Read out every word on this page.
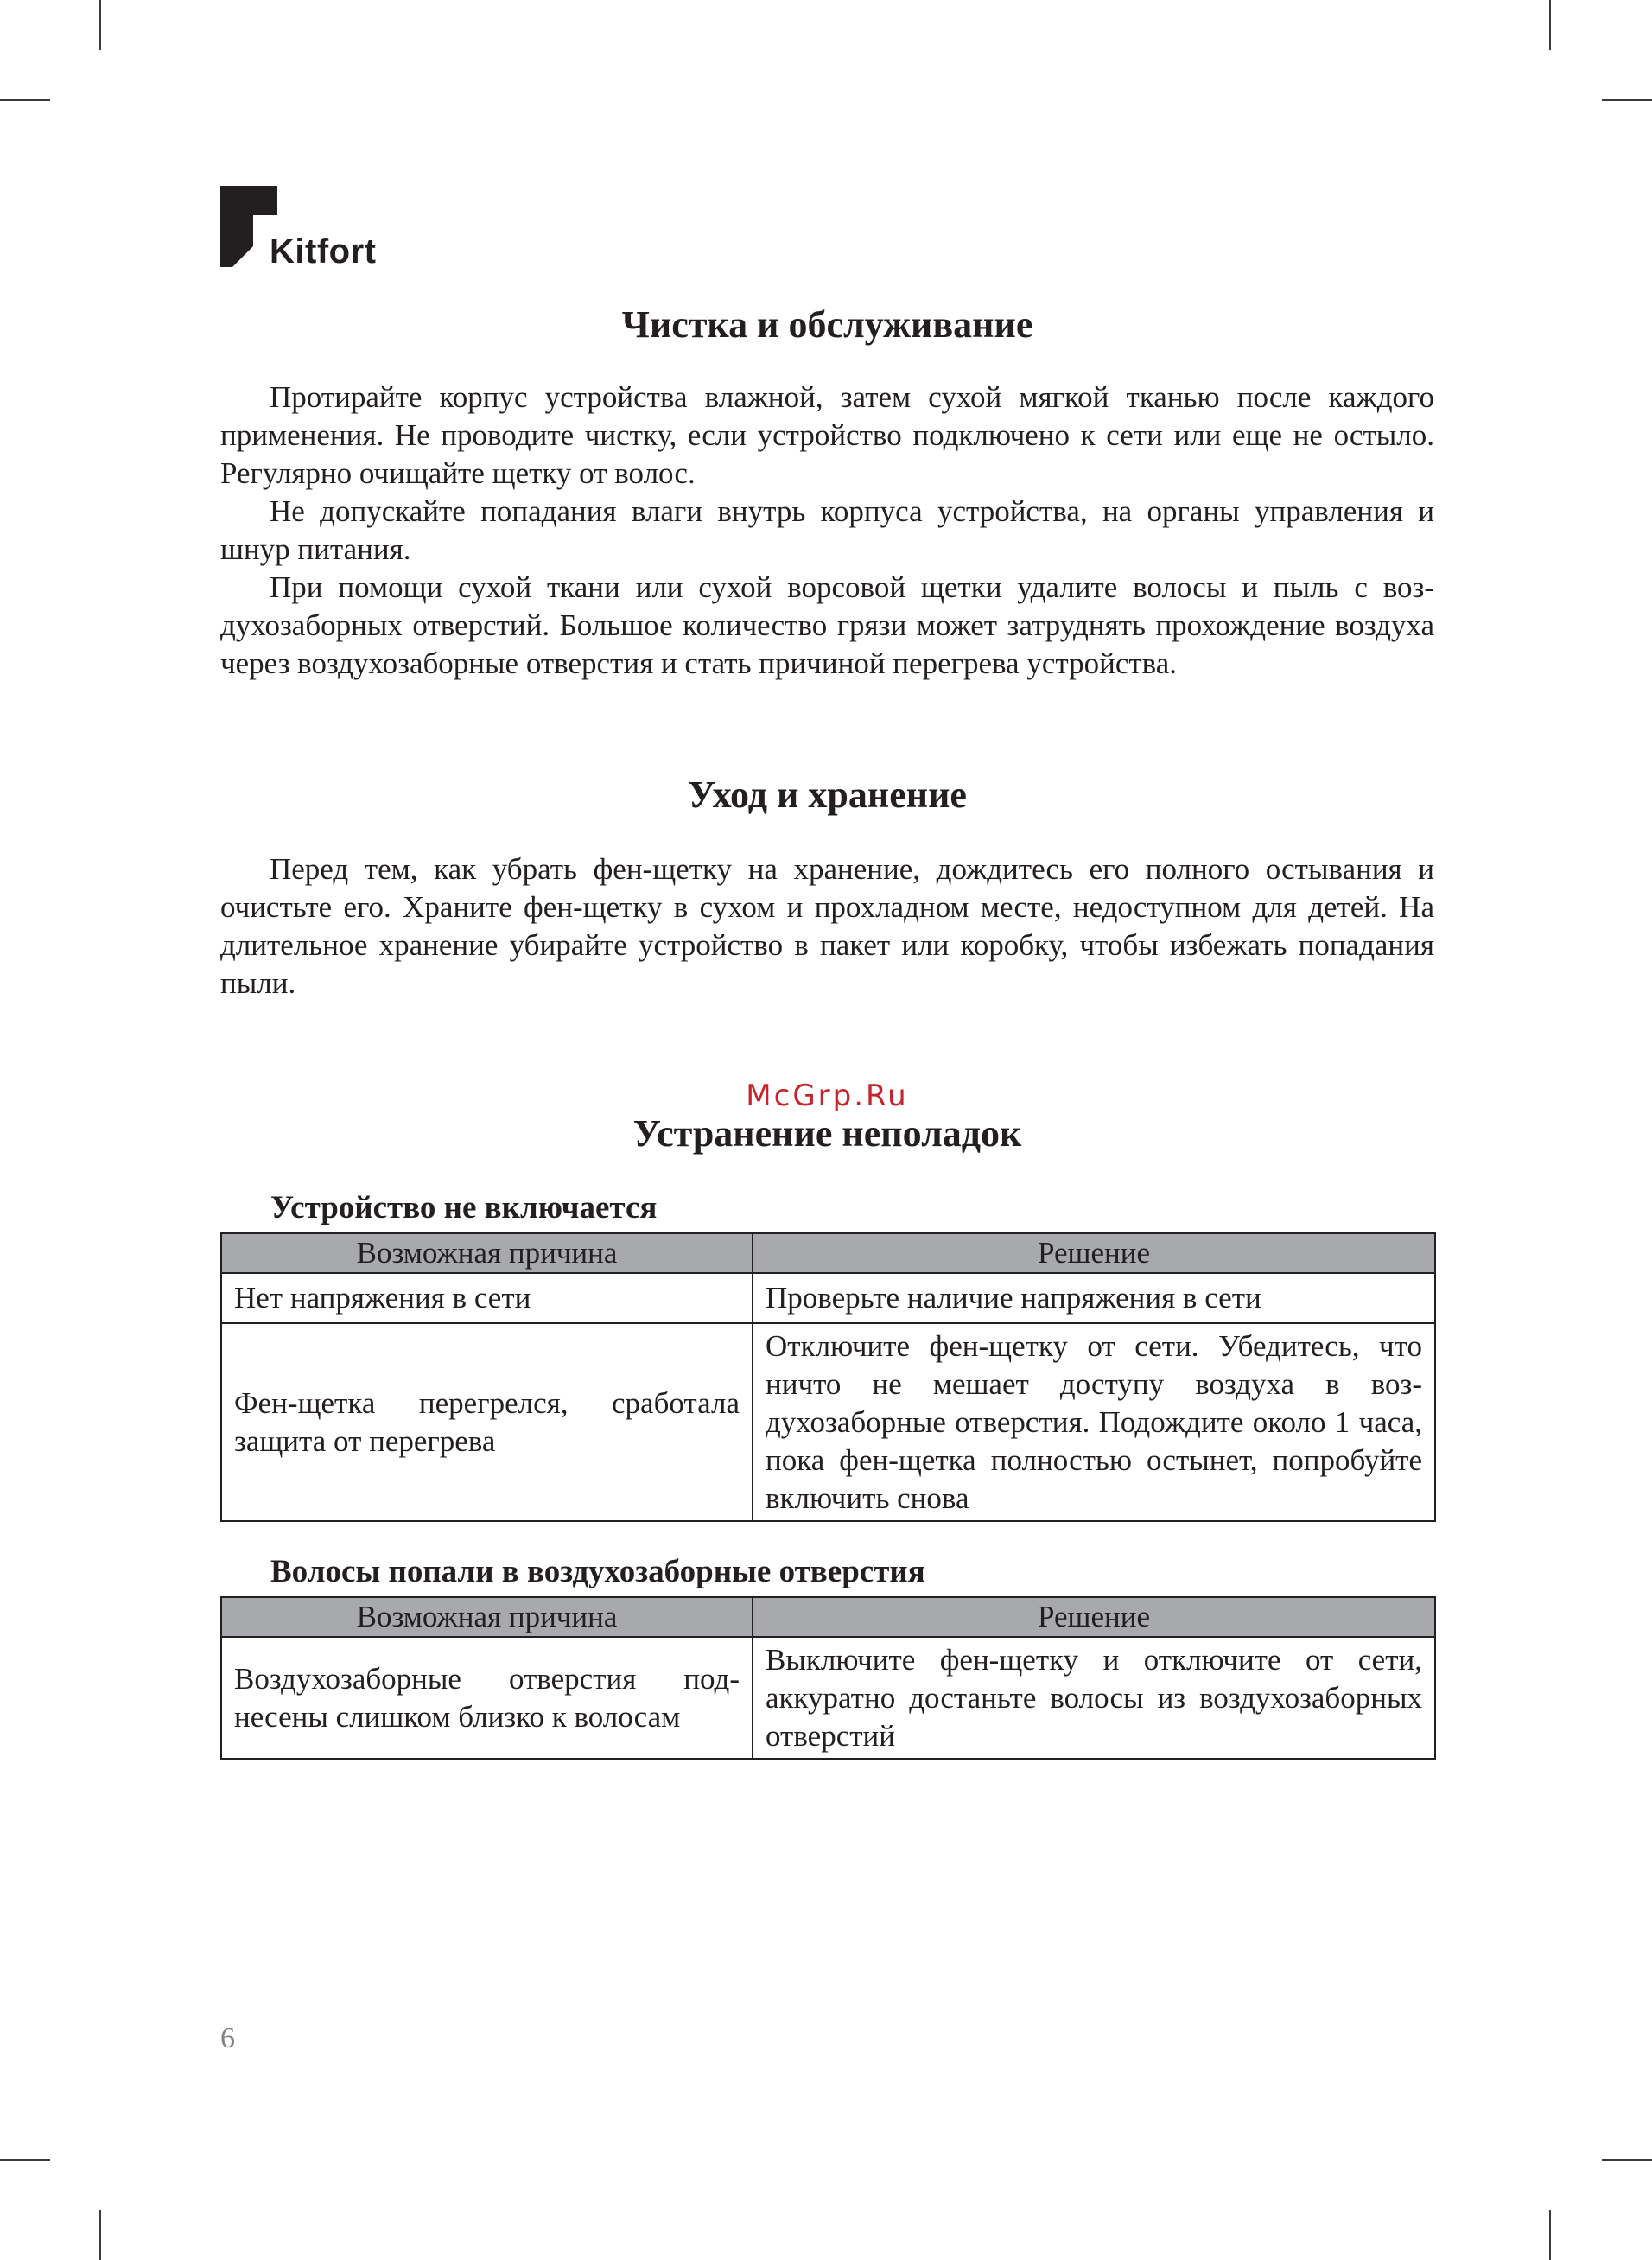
Kitfort
Чистка и обслуживание

Протирайте корпус устройства влажной, затем сухой мягкой тканью после каждого применения. Не проводите чистку, если устройство подключено к сети или еще не остыло. Регулярно очищайте щетку от волос.

Не допускайте попадания влаги внутрь корпуса устройства, на органы управления и шнур питания.

При помощи сухой ткани или сухой ворсовой щетки удалите волосы и пыль с воздухозаборных отверстий. Большое количество грязи может затруднять прохождение воздуха через воздухозаборные отверстия и стать причиной перегрева устройства.

Уход и хранение

Перед тем, как убрать фен-щетку на хранение, дождитесь его полного остывания и очистьте его. Храните фен-щетку в сухом и прохладном месте, недоступном для детей. На длительное хранение убирайте устройство в пакет или коробку, чтобы избежать попадания пыли.

McGrp.Ru
Устранение неполадок
Устройство не включается
Возможная причина	Решение
Нет напряжения в сети	Проверьте наличие напряжения в сети
Фен-щетка перегрелся, сработала защита от перегрева	Отключите фен-щетку от сети. Убедитесь, что ничто не мешает доступу воздуха в воздухозаборные отверстия. Подождите около 1 часа, пока фен-щетка полностью остынет, попробуйте включить снова
Волосы попали в воздухозаборные отверстия
Возможная причина	Решение
Воздухозаборные отверстия поднесены слишком близко к волосам	Выключите фен-щетку и отключите от сети, аккуратно достаньте волосы из воздухозаборных отверстий
6
